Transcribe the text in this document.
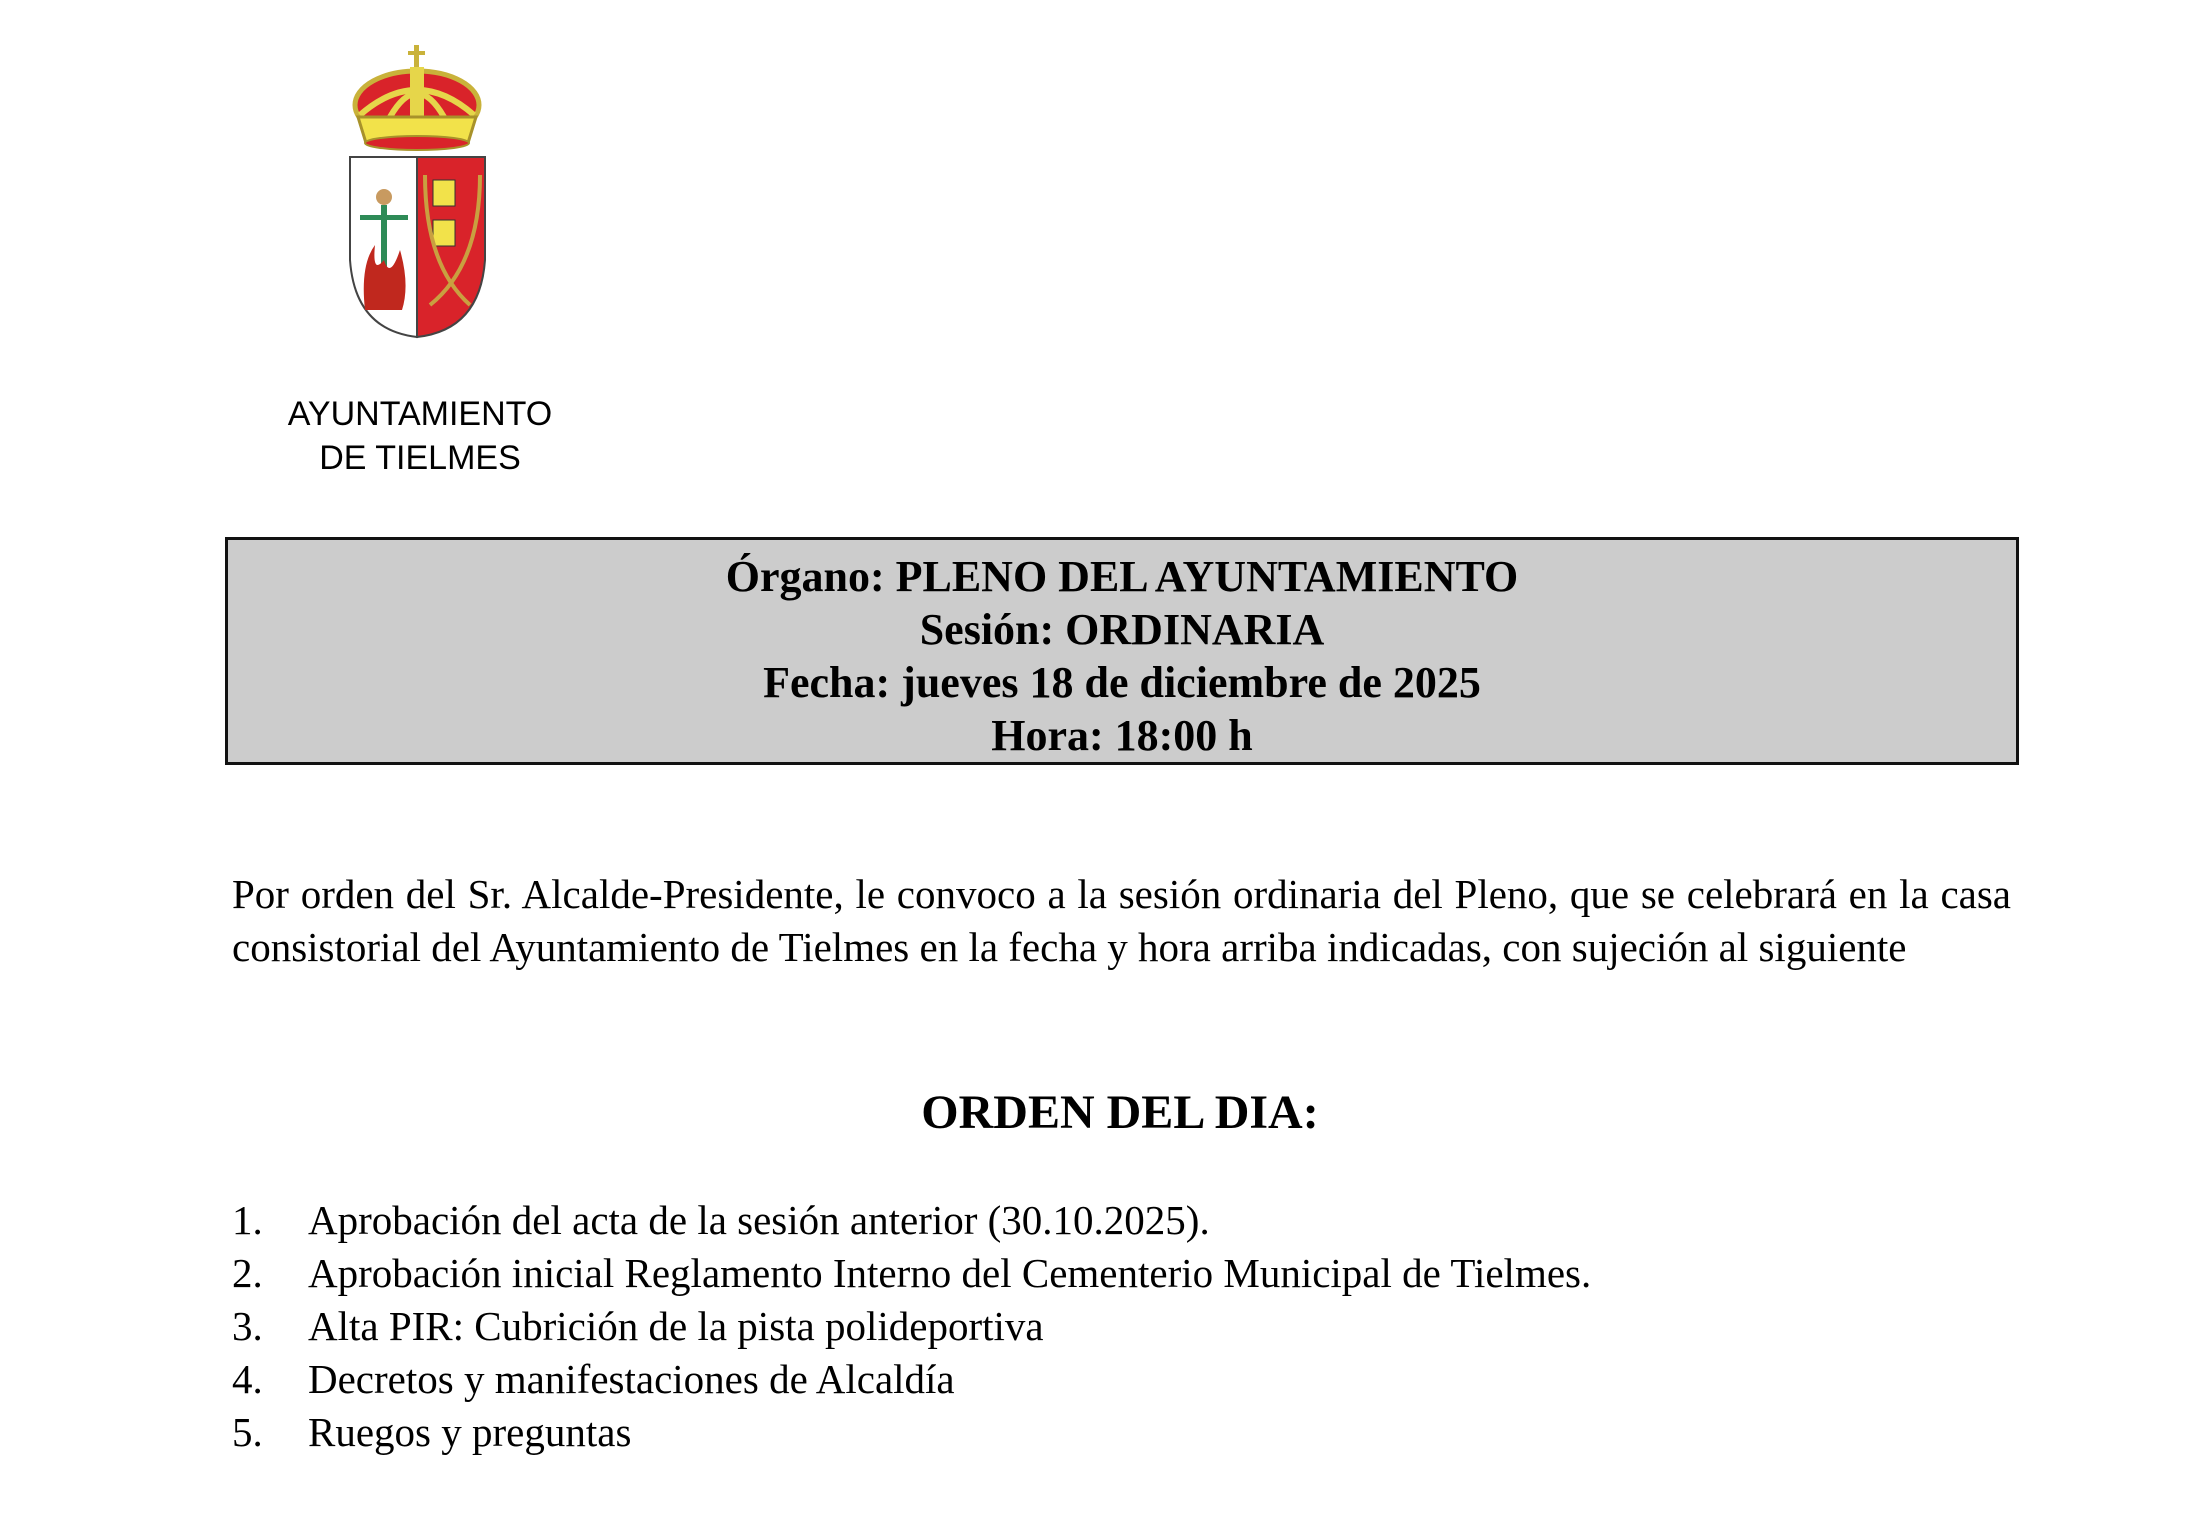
AYUNTAMIENTO
DE TIELMES
Órgano: PLENO DEL AYUNTAMIENTO
Sesión: ORDINARIA
Fecha: jueves 18 de diciembre de 2025
Hora: 18:00 h

Por orden del Sr. Alcalde-Presidente, le convoco a la sesión ordinaria del Pleno, que se celebrará en la casa consistorial del Ayuntamiento de Tielmes en la fecha y hora arriba indicadas, con sujeción al siguiente

ORDEN DEL DIA:
1.	Aprobación del acta de la sesión anterior (30.10.2025).
2.	Aprobación inicial Reglamento Interno del Cementerio Municipal de Tielmes.
3.	Alta PIR: Cubrición de la pista polideportiva
4.	Decretos y manifestaciones de Alcaldía
5.	Ruegos y preguntas
